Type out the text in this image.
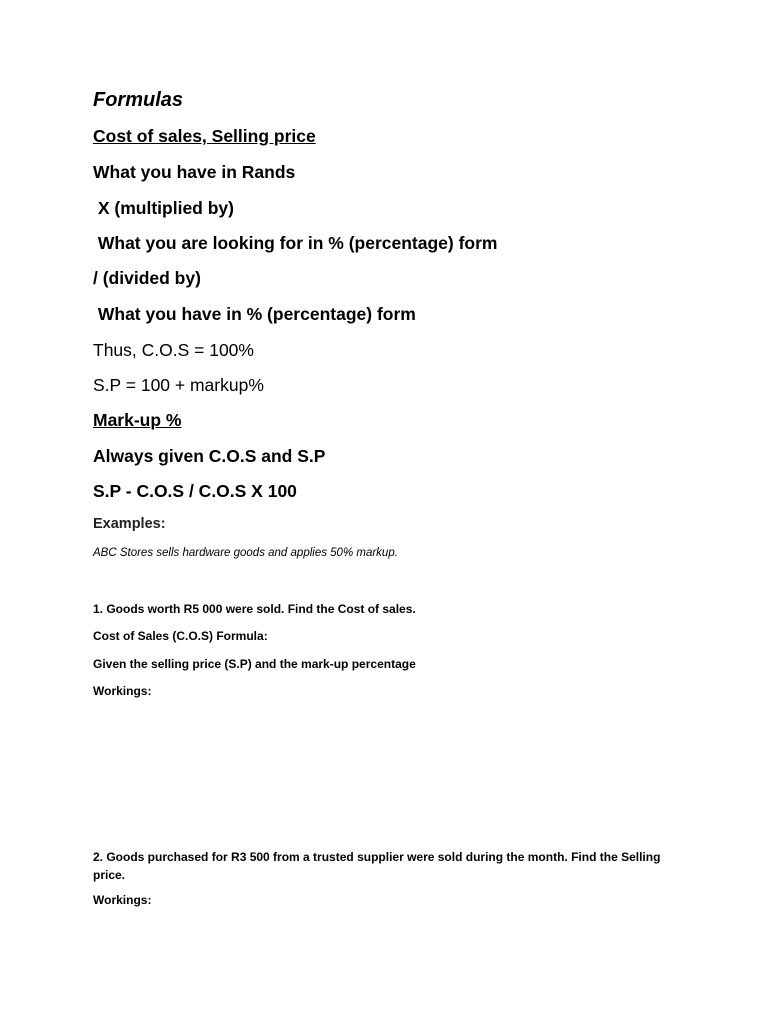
Formulas

Cost of sales, Selling price

What you have in Rands

X (multiplied by)

What you are looking for in % (percentage) form

/ (divided by)

What you have in % (percentage) form

Thus, C.O.S = 100%

S.P = 100 + markup%

Mark-up %

Always given C.O.S and S.P

S.P - C.O.S / C.O.S X 100

Examples:

ABC Stores sells hardware goods and applies 50% markup.

1. Goods worth R5 000 were sold. Find the Cost of sales.

Cost of Sales (C.O.S) Formula:

Given the selling price (S.P) and the mark-up percentage

Workings:

2. Goods purchased for R3 500 from a trusted supplier were sold during the month. Find the Selling price.

Workings:
